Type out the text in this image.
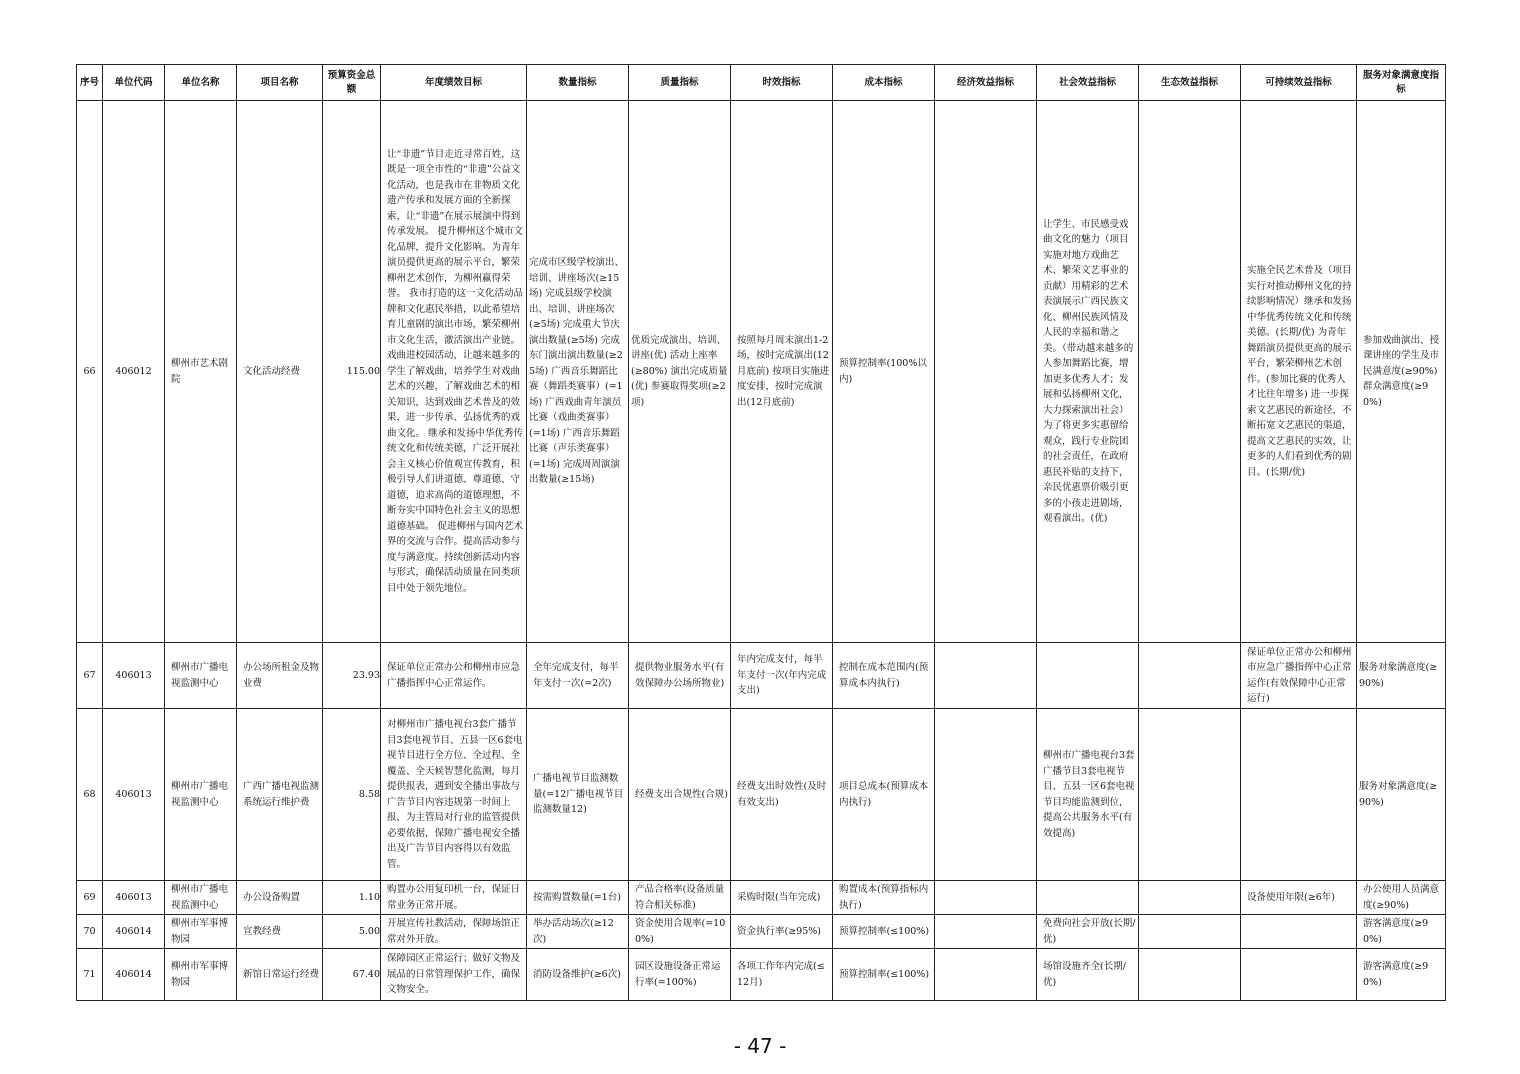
序号	单位代码	单位名称	项目名称	预算资金总额	年度绩效目标	数量指标	质量指标	时效指标	成本指标	经济效益指标	社会效益指标	生态效益指标	可持续效益指标	服务对象满意度指标
66	406012	柳州市艺术剧院	文化活动经费	115.00	让“非遗”节目走近寻常百姓，这既是一项全市性的“非遗”公益文化活动，也是我市在非物质文化遗产传承和发展方面的全新探索，让“非遗”在展示展演中得到传承发展。 提升柳州这个城市文化品牌，提升文化影响。为青年演员提供更高的展示平台，繁荣柳州艺术创作，为柳州赢得荣誉。 我市打造的这一文化活动品牌和文化惠民举措，以此希望培育儿童剧的演出市场，繁荣柳州市文化生活，激活演出产业链。 戏曲进校园活动，让越来越多的学生了解戏曲，培养学生对戏曲艺术的兴趣，了解戏曲艺术的相关知识，达到戏曲艺术普及的效果，进一步传承、弘扬优秀的戏曲文化。 继承和发扬中华优秀传统文化和传统美德，广泛开展社会主义核心价值观宣传教育，积极引导人们讲道德、尊道德、守道德，追求高尚的道德理想，不断夯实中国特色社会主义的思想道德基础。 促进柳州与国内艺术界的交流与合作。提高活动参与度与满意度。持续创新活动内容与形式，确保活动质量在同类项目中处于领先地位。	完成市区级学校演出、培训、讲座场次(≥15场) 完成县级学校演出、培训、讲座场次(≥5场) 完成重大节庆演出数量(≥5场) 完成东门演出演出数量(≥25场) 广西音乐舞蹈比赛（舞蹈类赛事）(=1场) 广西戏曲青年演员比赛（戏曲类赛事）(=1场) 广西音乐舞蹈比赛（声乐类赛事）(=1场) 完成周周演演出数量(≥15场)	优质完成演出、培训、讲座(优) 活动上座率(≥80%) 演出完成质量(优) 参赛取得奖项(≥2项)	按照每月周末演出1-2场，按时完成演出(12月底前) 按项目实施进度安排，按时完成演出(12月底前)	预算控制率(100%以内)		让学生、市民感受戏曲文化的魅力（项目实施对地方戏曲艺术、繁荣文艺事业的贡献）用精彩的艺术表演展示广西民族文化、柳州民族风情及人民的幸福和谐之美。（带动越来越多的人参加舞蹈比赛，增加更多优秀人才；发展和弘扬柳州文化，大力探索演出社会）为了将更多实惠留给观众，践行专业院团的社会责任，在政府惠民补贴的支持下，亲民优惠票价吸引更多的小孩走进剧场，观看演出。(优)		实施全民艺术普及（项目实行对推动柳州文化的持续影响情况）继承和发扬中华优秀传统文化和传统美德。(长期/优) 为青年舞蹈演员提供更高的展示平台，繁荣柳州艺术创作。(参加比赛的优秀人才比往年增多) 进一步探索文艺惠民的新途径，不断拓宽文艺惠民的渠道，提高文艺惠民的实效，让更多的人们看到优秀的剧目。(长期/优)	参加戏曲演出、授课讲座的学生及市民满意度(≥90%) 群众满意度(≥90%)
67	406013	柳州市广播电视监测中心	办公场所租金及物业费	23.93	保证单位正常办公和柳州市应急广播指挥中心正常运作。	全年完成支付，每半年支付一次(=2次)	提供物业服务水平(有效保障办公场所物业)	年内完成支付，每半年支付一次(年内完成支出)	控制在成本范围内(预算成本内执行)				保证单位正常办公和柳州市应急广播指挥中心正常运作(有效保障中心正常运行)	服务对象满意度(≥90%)
68	406013	柳州市广播电视监测中心	广西广播电视监测系统运行维护费	8.58	对柳州市广播电视台3套广播节目3套电视节目、五县一区6套电视节目进行全方位、全过程、全覆盖、全天候智慧化监测，每月提供报表，遇到安全播出事故与广告节目内容违规第一时间上报，为主管局对行业的监管提供必要依据，保障广播电视安全播出及广告节目内容得以有效监管。	广播电视节目监测数量(=12广播电视节目监测数量12)	经费支出合规性(合规)	经费支出时效性(及时有效支出)	项目总成本(预算成本内执行)		柳州市广播电视台3套广播节目3套电视节目、五县一区6套电视节目均能监测到位，提高公共服务水平(有效提高)			服务对象满意度(≥90%)
69	406013	柳州市广播电视监测中心	办公设备购置	1.10	购置办公用复印机一台，保证日常业务正常开展。	按需购置数量(=1台)	产品合格率(设备质量符合相关标准)	采购时限(当年完成)	购置成本(预算指标内执行)				设备使用年限(≥6年)	办公使用人员满意度(≥90%)
70	406014	柳州市军事博物园	宣教经费	5.00	开展宣传社教活动，保障场馆正常对外开放。	举办活动场次(≥12次)	资金使用合规率(=100%)	资金执行率(≥95%)	预算控制率(≤100%)		免费向社会开放(长期/优)			游客满意度(≥90%)
71	406014	柳州市军事博物园	新馆日常运行经费	67.40	保障园区正常运行；做好文物及展品的日常管理保护工作，确保文物安全。	消防设备维护(≥6次)	园区设施设备正常运行率(=100%)	各项工作年内完成(≤12月)	预算控制率(≤100%)		场馆设施齐全(长期/优)			游客满意度(≥90%)
- 47 -
